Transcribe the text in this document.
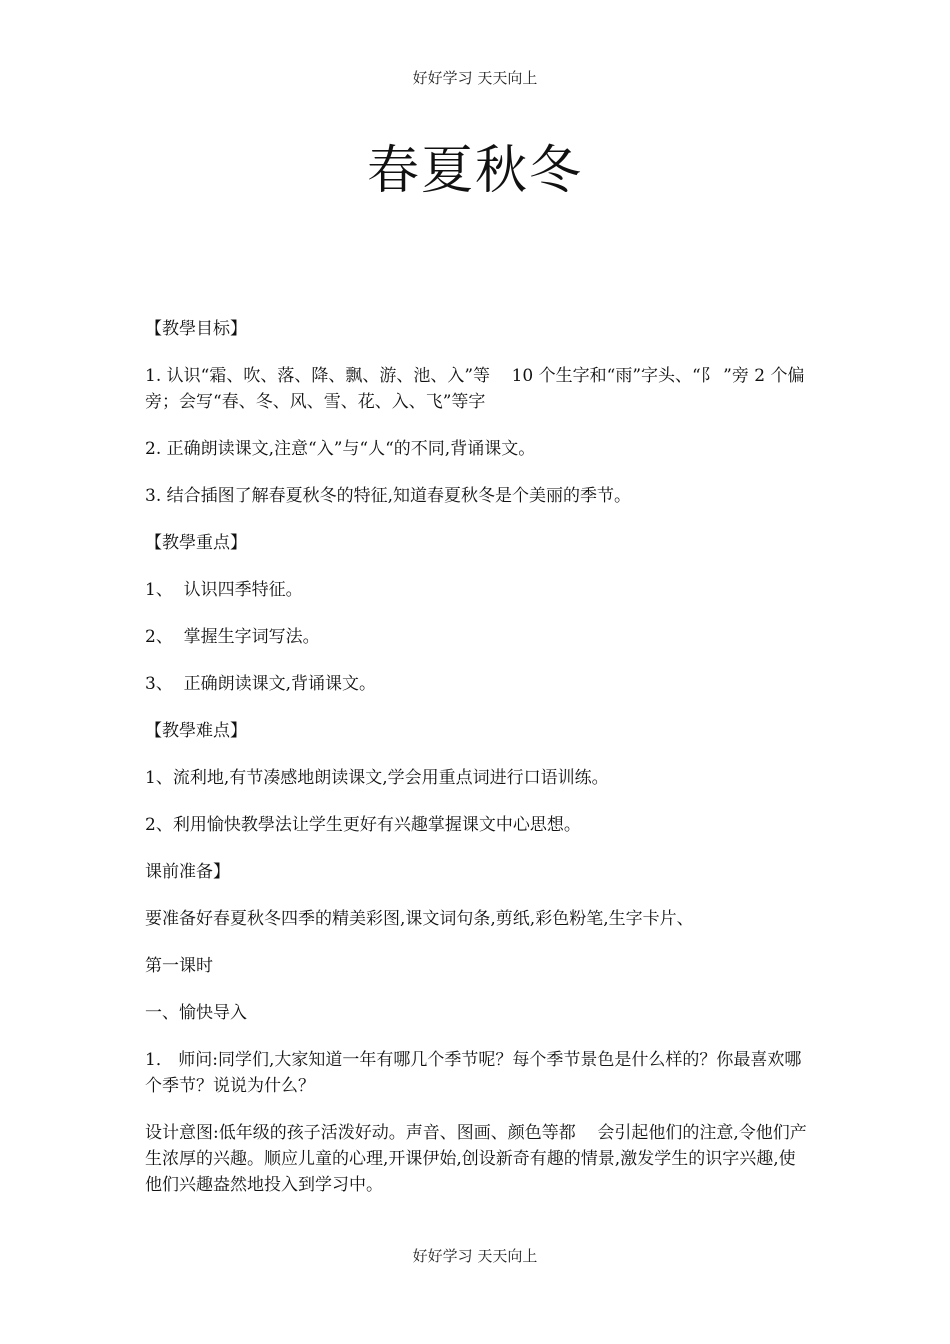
好好学习 天天向上
春夏秋冬

【教學目标】

1. 认识“霜、吹、落、降、飘、游、池、入”等    10 个生字和“雨”字头、“阝 ”旁 2 个偏旁；会写“春、冬、风、雪、花、入、飞”等字

2. 正确朗读课文,注意“入”与“人“的不同,背诵课文。

3. 结合插图了解春夏秋冬的特征,知道春夏秋冬是个美丽的季节。

【教學重点】

1、  认识四季特征。

2、  掌握生字词写法。

3、  正确朗读课文,背诵课文。

【教學难点】

1、流利地,有节凑感地朗读课文,学会用重点词进行口语训练。

2、利用愉快教學法让学生更好有兴趣掌握课文中心思想。

课前准备】

要准备好春夏秋冬四季的精美彩图,课文词句条,剪纸,彩色粉笔,生字卡片、

第一课时

一、愉快导入

1． 师问:同学们,大家知道一年有哪几个季节呢？每个季节景色是什么样的？你最喜欢哪个季节？说说为什么？

设计意图:低年级的孩子活泼好动。声音、图画、颜色等都    会引起他们的注意,令他们产生浓厚的兴趣。顺应儿童的心理,开课伊始,创设新奇有趣的情景,激发学生的识字兴趣,使他们兴趣盎然地投入到学习中。

好好学习 天天向上
